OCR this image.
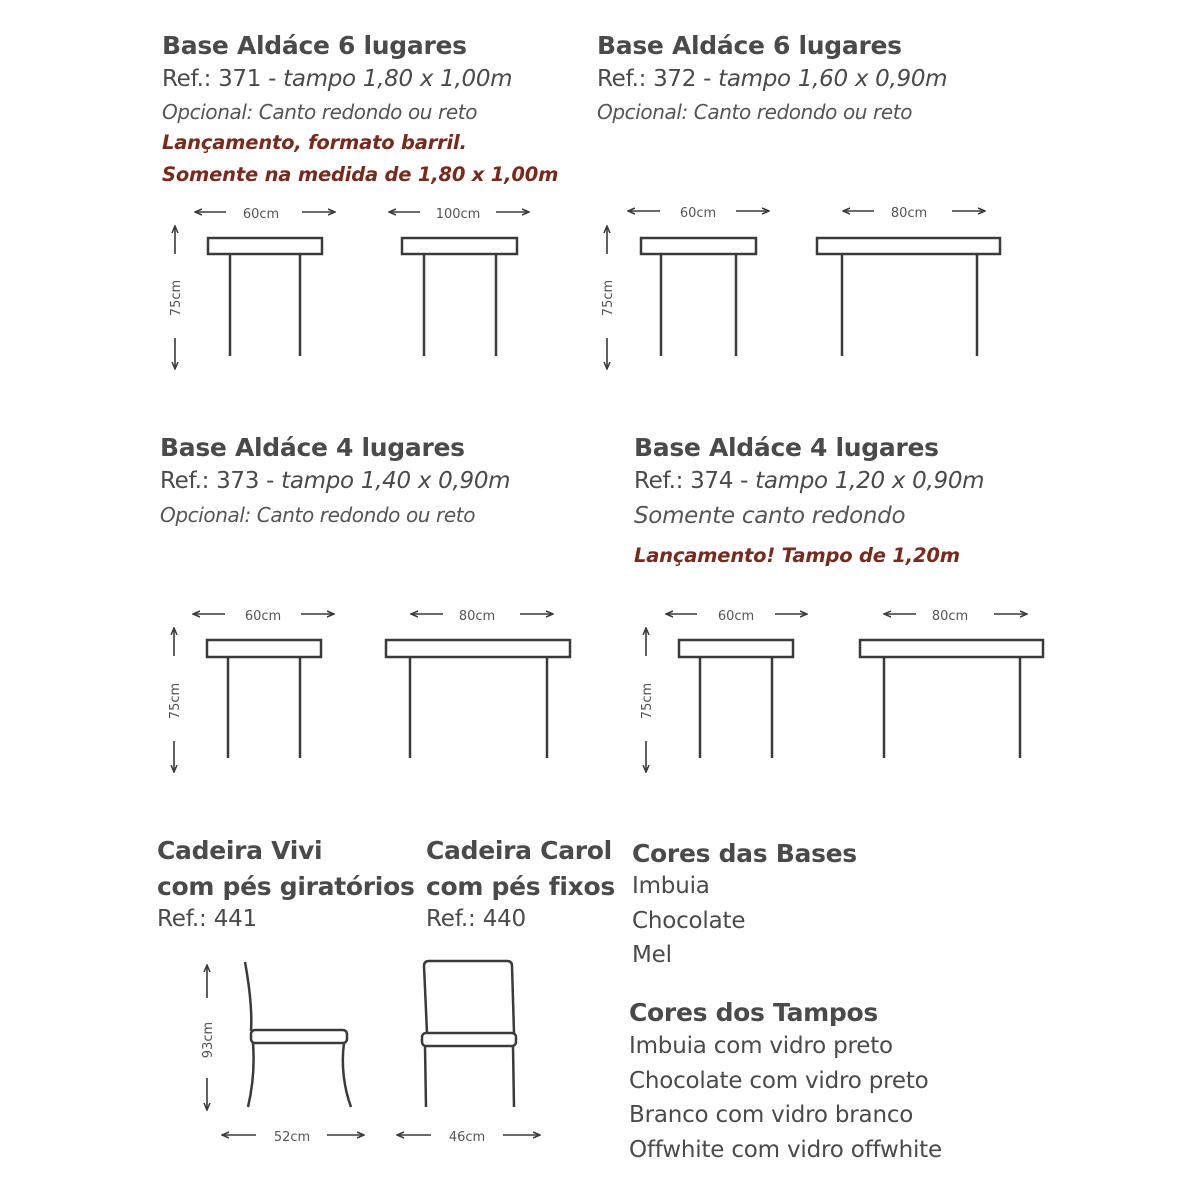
Base Aldáce 6 lugares
Ref.: 371 - tampo 1,80 x 1,00m
Opcional: Canto redondo ou reto
Lançamento, formato barril.
Somente na medida de 1,80 x 1,00m
Base Aldáce 6 lugares
Ref.: 372 - tampo 1,60 x 0,90m
Opcional: Canto redondo ou reto
Base Aldáce 4 lugares
Ref.: 373 - tampo 1,40 x 0,90m
Opcional: Canto redondo ou reto
Base Aldáce 4 lugares
Ref.: 374 - tampo 1,20 x 0,90m
Somente canto redondo
Lançamento! Tampo de 1,20m
Cadeira Vivi
com pés giratórios
Ref.: 441
Cadeira Carol
com pés fixos
Ref.: 440
Cores das Bases
Imbuia
Chocolate
Mel
Cores dos Tampos
Imbuia com vidro preto
Chocolate com vidro preto
Branco com vidro branco
Offwhite com vidro offwhite
60cm	100cm
75cm
60cm	80cm
75cm
60cm	80cm
75cm
60cm	80cm
75cm
93cm
52cm	46cm
